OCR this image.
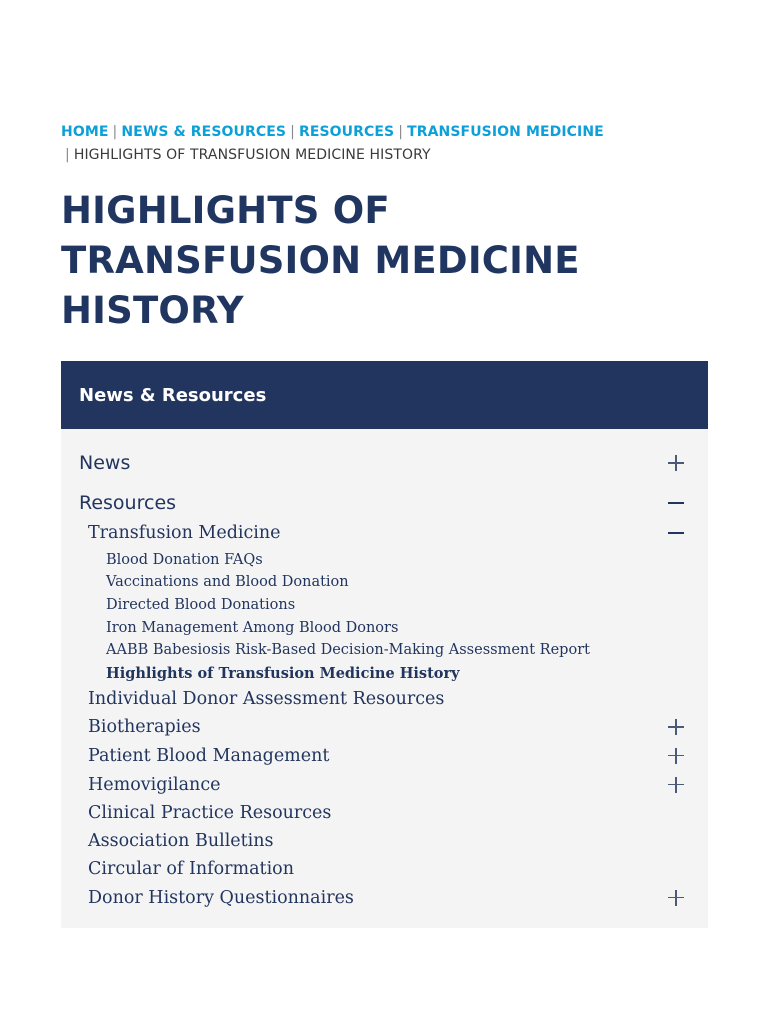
HOME | NEWS & RESOURCES | RESOURCES | TRANSFUSION MEDICINE
| HIGHLIGHTS OF TRANSFUSION MEDICINE HISTORY
HIGHLIGHTS OF
TRANSFUSION MEDICINE
HISTORY
News & Resources
News
Resources
Transfusion Medicine
Blood Donation FAQs
Vaccinations and Blood Donation
Directed Blood Donations
Iron Management Among Blood Donors
AABB Babesiosis Risk-Based Decision-Making Assessment Report
Highlights of Transfusion Medicine History
Individual Donor Assessment Resources
Biotherapies
Patient Blood Management
Hemovigilance
Clinical Practice Resources
Association Bulletins
Circular of Information
Donor History Questionnaires
